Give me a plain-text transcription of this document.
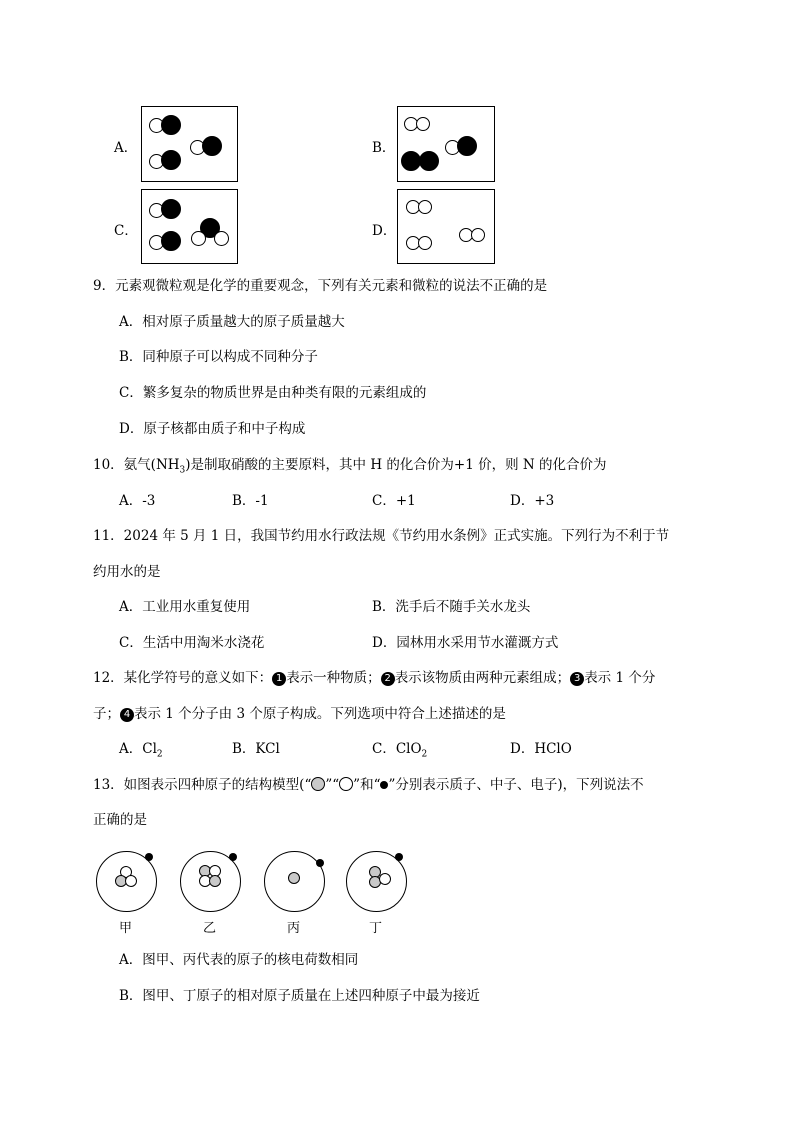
A．	B．
C．	D．
9．元素观微粒观是化学的重要观念，下列有关元素和微粒的说法不正确的是
A．相对原子质量越大的原子质量越大
B．同种原子可以构成不同种分子
C．繁多复杂的物质世界是由种类有限的元素组成的
D．原子核都由质子和中子构成
10．氨气$(NH_3)$是制取硝酸的主要原料，其中 H 的化合价为+1 价，则 N 的化合价为
A．-3	B．-1	C．+1	D．+3
11．2024 年 5 月 1 日，我国节约用水行政法规《节约用水条例》正式实施。下列行为不利于节
约用水的是
A．工业用水重复使用	B．洗手后不随手关水龙头
C．生活中用淘米水浇花	D．园林用水采用节水灌溉方式
12．某化学符号的意义如下： 1 表示一种物质； 2 表示该物质由两种元素组成； 3 表示 1 个分
子； 4 表示 1 个分子由 3 个原子构成。下列选项中符合上述描述的是
A．$Cl_2$	B．KCl	C．ClO$_2$	D．HClO
13．如图表示四种原子的结构模型(“ ”“ ”和“ ”分别表示质子、中子、电子)，下列说法不
正确的是
甲	乙	丙	丁
A．图甲、丙代表的原子的核电荷数相同
B．图甲、丁原子的相对原子质量在上述四种原子中最为接近
